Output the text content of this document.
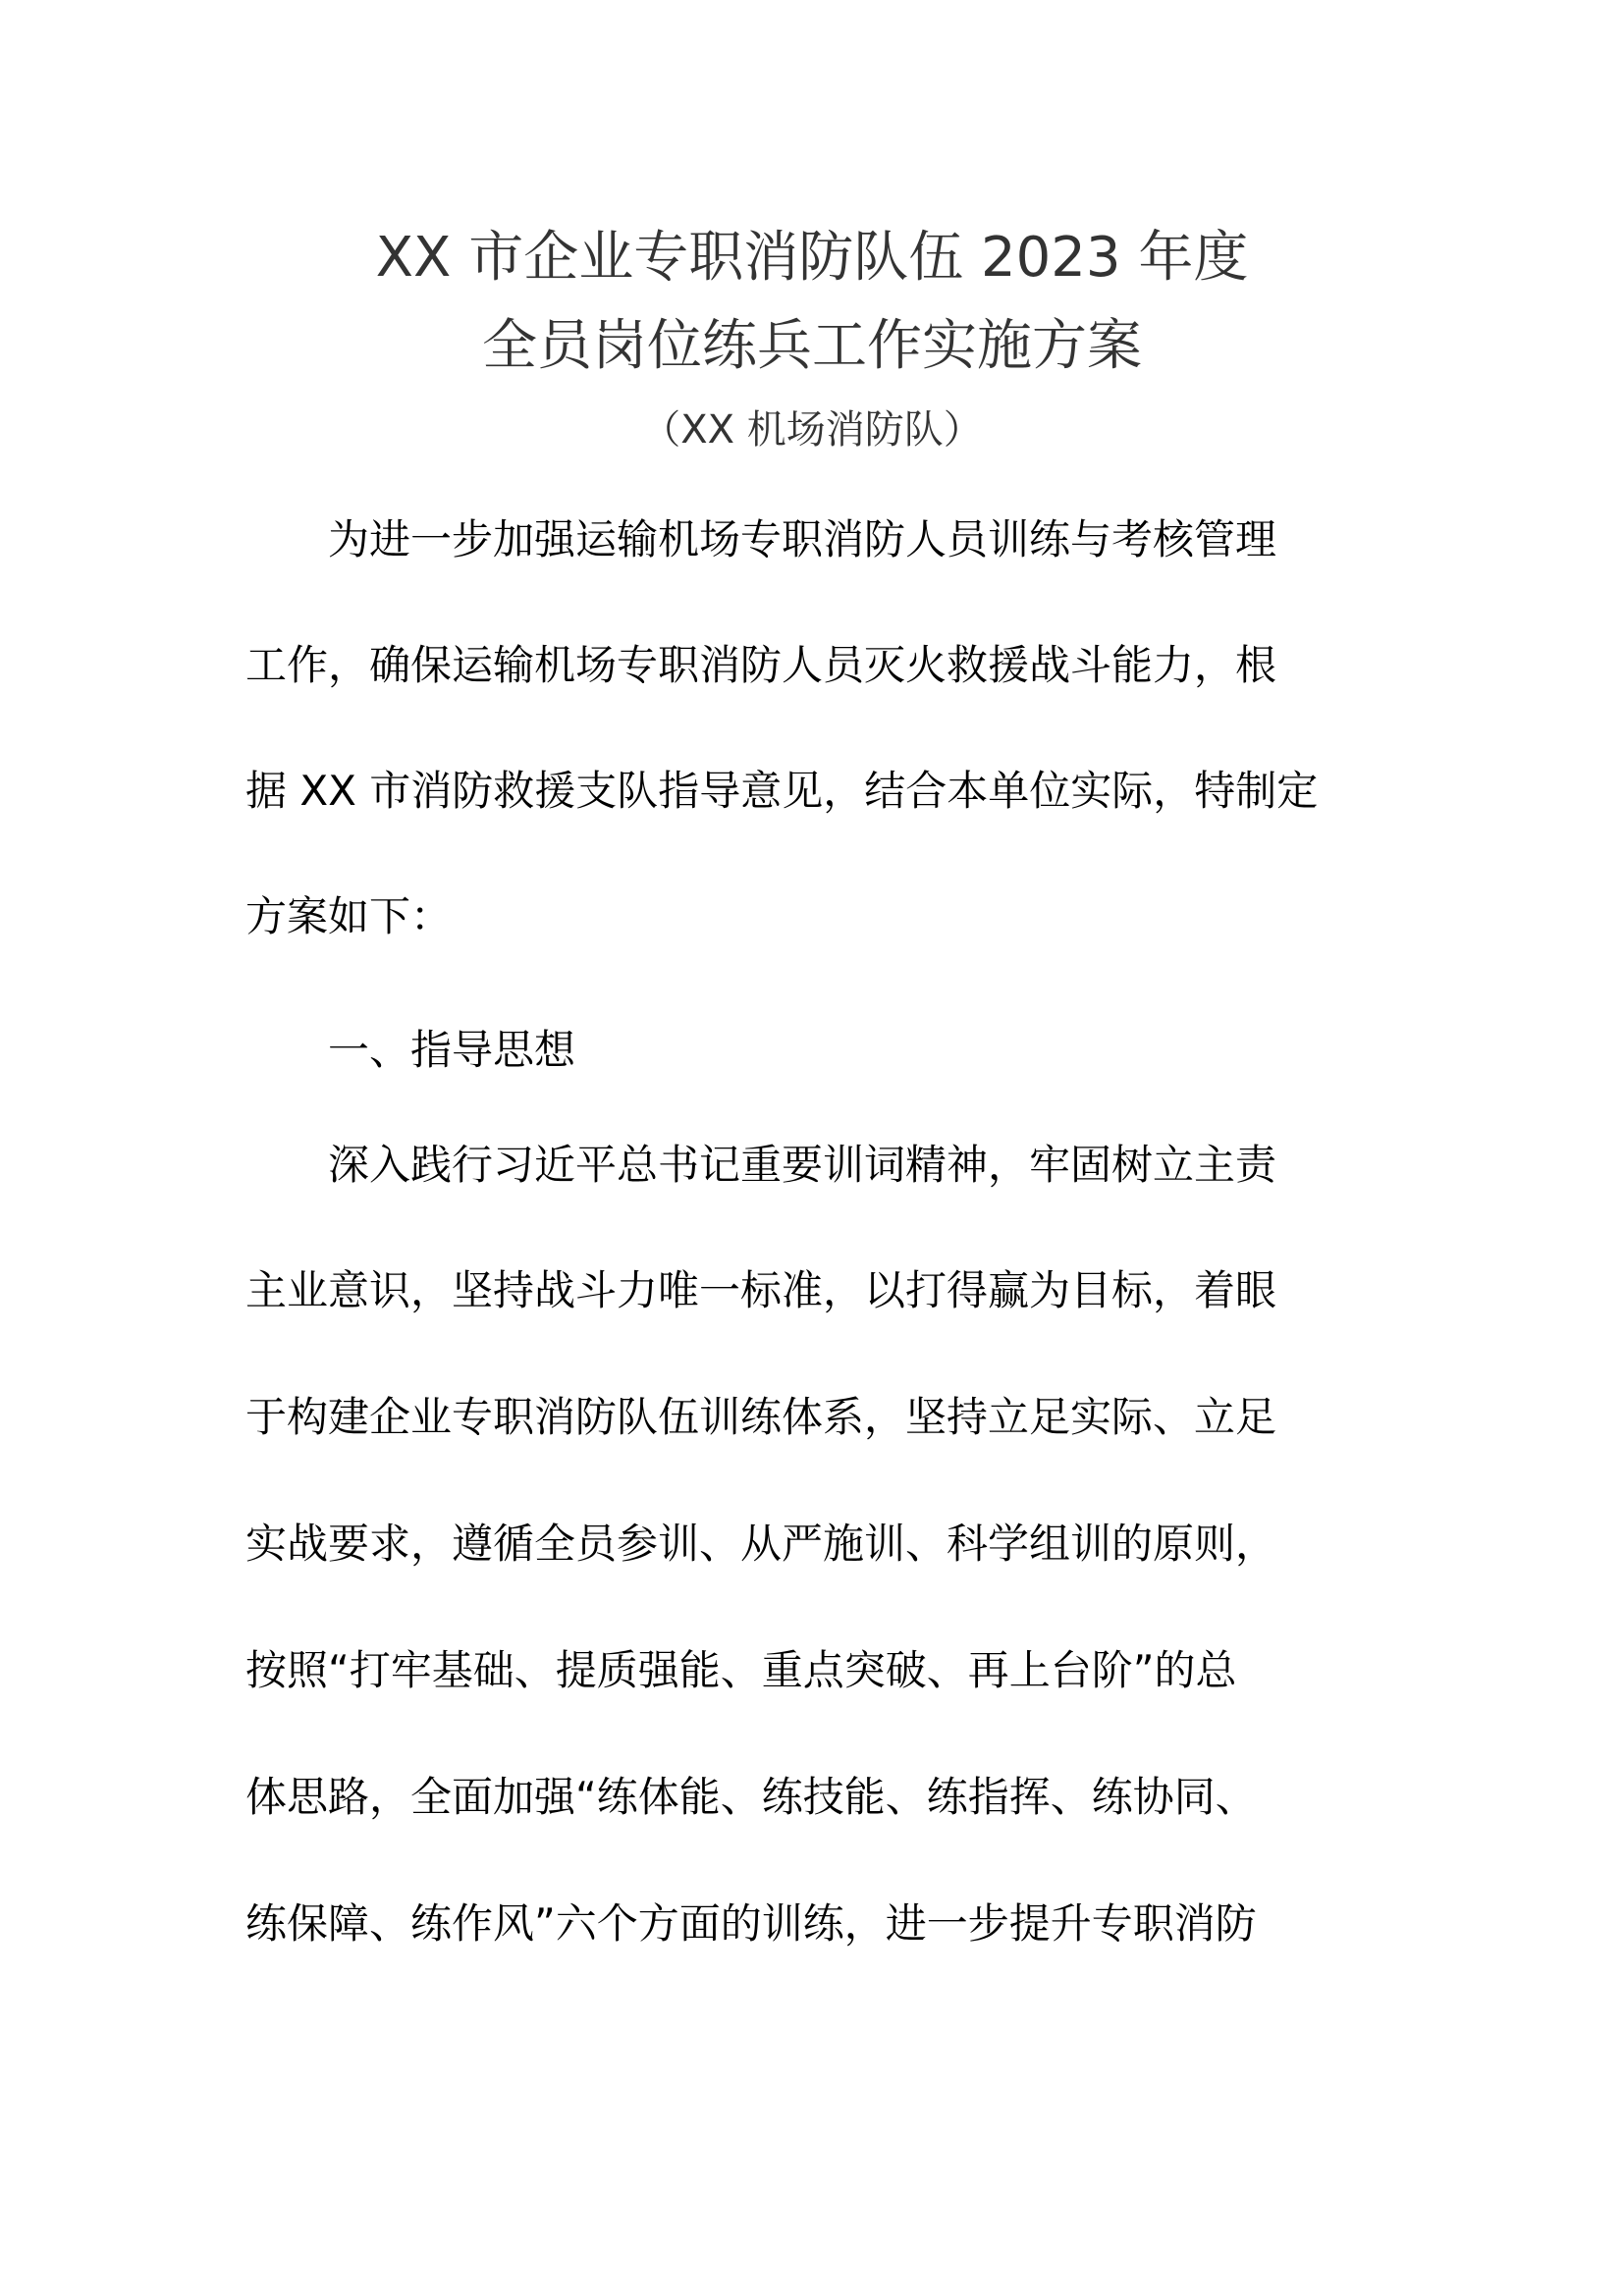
XX 市企业专职消防队伍 2023 年度
全员岗位练兵工作实施方案
（XX 机场消防队）
为进一步加强运输机场专职消防人员训练与考核管理
工作，确保运输机场专职消防人员灭火救援战斗能力，根
据 XX 市消防救援支队指导意见，结合本单位实际，特制定
方案如下：
一、指导思想
深入践行习近平总书记重要训词精神，牢固树立主责
主业意识，坚持战斗力唯一标准，以打得赢为目标，着眼
于构建企业专职消防队伍训练体系，坚持立足实际、立足
实战要求，遵循全员参训、从严施训、科学组训的原则，
按照“打牢基础、提质强能、重点突破、再上台阶”的总
体思路，全面加强“练体能、练技能、练指挥、练协同、
练保障、练作风”六个方面的训练，进一步提升专职消防
